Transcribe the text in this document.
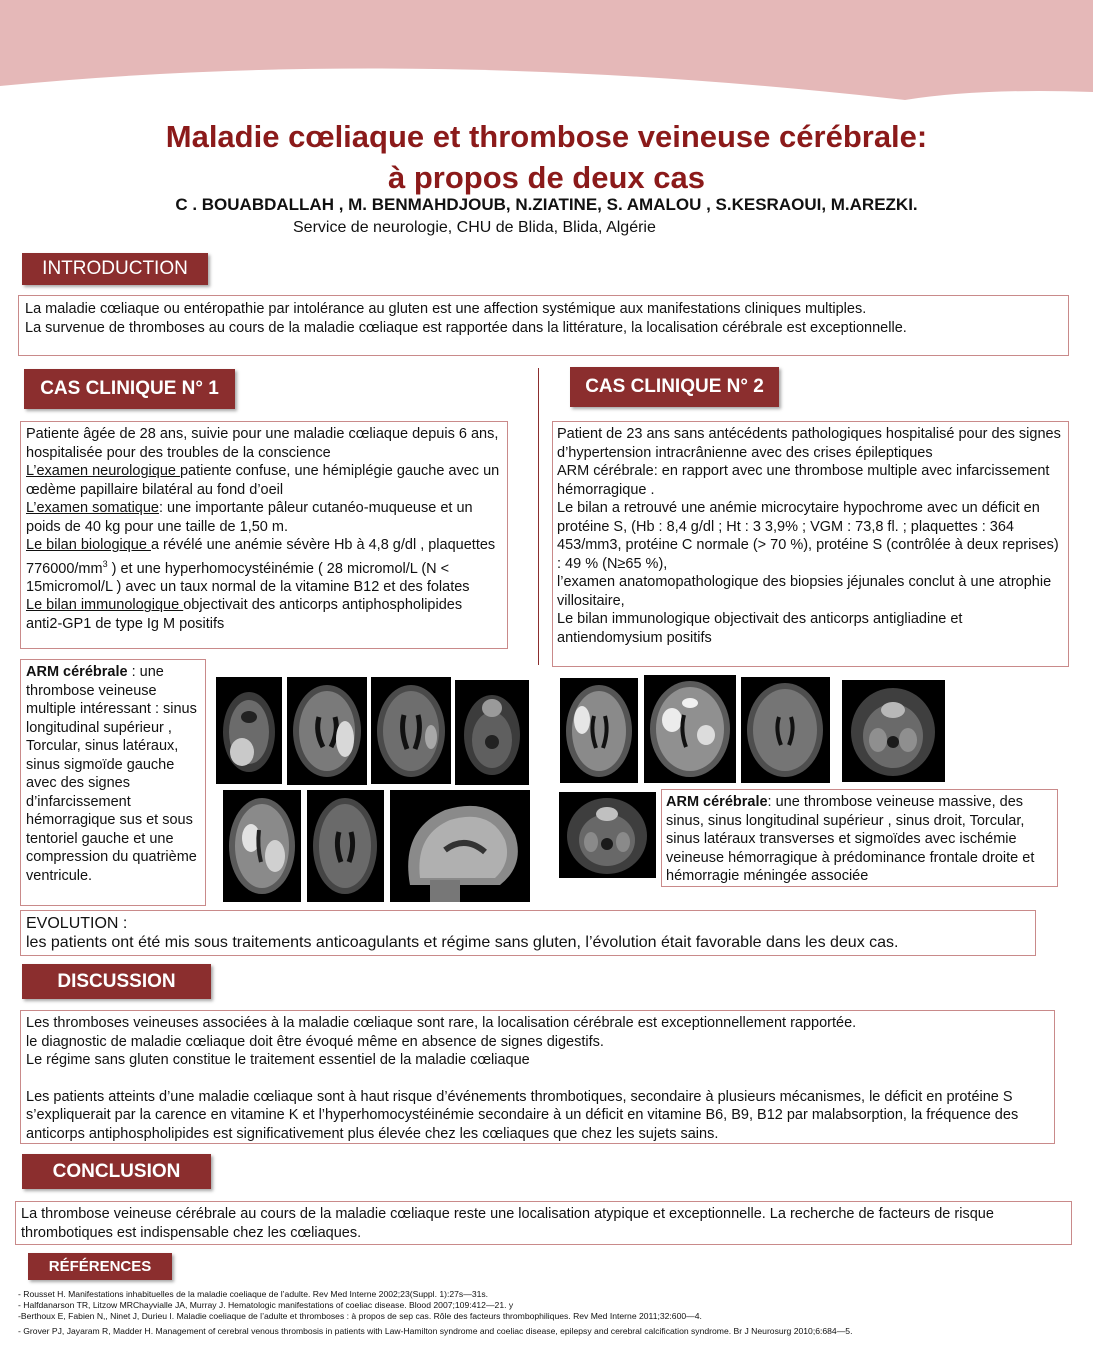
Maladie cœliaque et thrombose veineuse cérébrale:
à propos de deux cas
C . BOUABDALLAH , M. BENMAHDJOUB, N.ZIATINE, S. AMALOU , S.KESRAOUI, M.AREZKI.
Service de neurologie, CHU de Blida, Blida, Algérie
INTRODUCTION
La maladie cœliaque ou entéropathie par intolérance au gluten est une affection systémique aux manifestations cliniques multiples.
La survenue de thromboses au cours de la maladie cœliaque est rapportée dans la littérature, la localisation cérébrale est exceptionnelle.
CAS CLINIQUE N° 1
Patiente âgée de 28 ans, suivie pour une maladie cœliaque depuis 6 ans, hospitalisée pour des troubles de la conscience
L’examen neurologique patiente confuse, une hémiplégie gauche avec un œdème papillaire bilatéral au fond d’oeil
L’examen somatique: une importante pâleur cutanéo-muqueuse et un poids de 40 kg pour une taille de 1,50 m.
Le bilan biologique a révélé une anémie sévère Hb à 4,8 g/dl , plaquettes $776000/mm^3$ ) et une hyperhomocystéinémie ( 28 micromol/L (N < 15micromol/L ) avec un taux normal de la vitamine B12 et des folates
Le bilan immunologique objectivait des anticorps antiphospholipides anti2-GP1 de type Ig M positifs
ARM cérébrale : une thrombose veineuse multiple intéressant : sinus longitudinal supérieur , Torcular, sinus latéraux, sinus sigmoïde gauche avec des signes d’infarcissement hémorragique sus et sous tentoriel gauche et une compression du quatrième ventricule.
CAS CLINIQUE N° 2
Patient de 23 ans sans antécédents pathologiques hospitalisé pour des signes d’hypertension intracrânienne avec des crises épileptiques
ARM cérébrale: en rapport avec une thrombose multiple avec infarcissement hémorragique .
Le bilan a retrouvé une anémie microcytaire hypochrome avec un déficit en protéine S, (Hb : 8,4 g/dl ; Ht : 3 3,9% ; VGM : 73,8 fl. ; plaquettes : 364 453/mm3, protéine C normale (> 70 %), protéine S (contrôlée à deux reprises) : 49 % (N≥65 %),
l’examen anatomopathologique des biopsies jéjunales conclut à une atrophie villositaire,
Le bilan immunologique objectivait des anticorps antigliadine et antiendomysium positifs
ARM cérébrale: une thrombose veineuse massive, des sinus, sinus longitudinal supérieur , sinus droit, Torcular, sinus latéraux transverses et sigmoïdes avec ischémie veineuse hémorragique à prédominance frontale droite et hémorragie méningée associée
EVOLUTION :
les patients ont été mis sous traitements anticoagulants et régime sans gluten, l’évolution était favorable dans les deux cas.
DISCUSSION
Les thromboses veineuses associées à la maladie cœliaque sont rare, la localisation cérébrale est exceptionnellement rapportée.
le diagnostic de maladie cœliaque doit être évoqué même en absence de signes digestifs.
Le régime sans gluten constitue le traitement essentiel de la maladie cœliaque
Les patients atteints d’une maladie cœliaque sont à haut risque d’événements thrombotiques, secondaire à plusieurs mécanismes, le déficit en protéine S s’expliquerait par la carence en vitamine K et l’hyperhomocystéinémie secondaire à un déficit en vitamine B6, B9, B12 par malabsorption, la fréquence des anticorps antiphospholipides est significativement plus élevée chez les cœliaques que chez les sujets sains.
CONCLUSION
La thrombose veineuse cérébrale au cours de la maladie cœliaque reste une localisation atypique et exceptionnelle. La recherche de facteurs de risque thrombotiques est indispensable chez les cœliaques.
RÉFÉRENCES
- Rousset H. Manifestations inhabituelles de la maladie coeliaque de l’adulte. Rev Med Interne 2002;23(Suppl. 1):27s—31s.
- Halfdanarson TR, Litzow MRChayvialle JA, Murray J. Hematologic manifestations of coeliac disease. Blood 2007;109:412—21. y
-Berthoux E, Fabien N,, Ninet J, Durieu I. Maladie coeliaque de l’adulte et thromboses : à propos de sep cas. Rôle des facteurs thrombophiliques. Rev Med Interne 2011;32:600—4.
- Grover PJ, Jayaram R, Madder H. Management of cerebral venous thrombosis in patients with Law-Hamilton syndrome and coeliac disease, epilepsy and cerebral calcification syndrome. Br J Neurosurg 2010;6:684—5.
